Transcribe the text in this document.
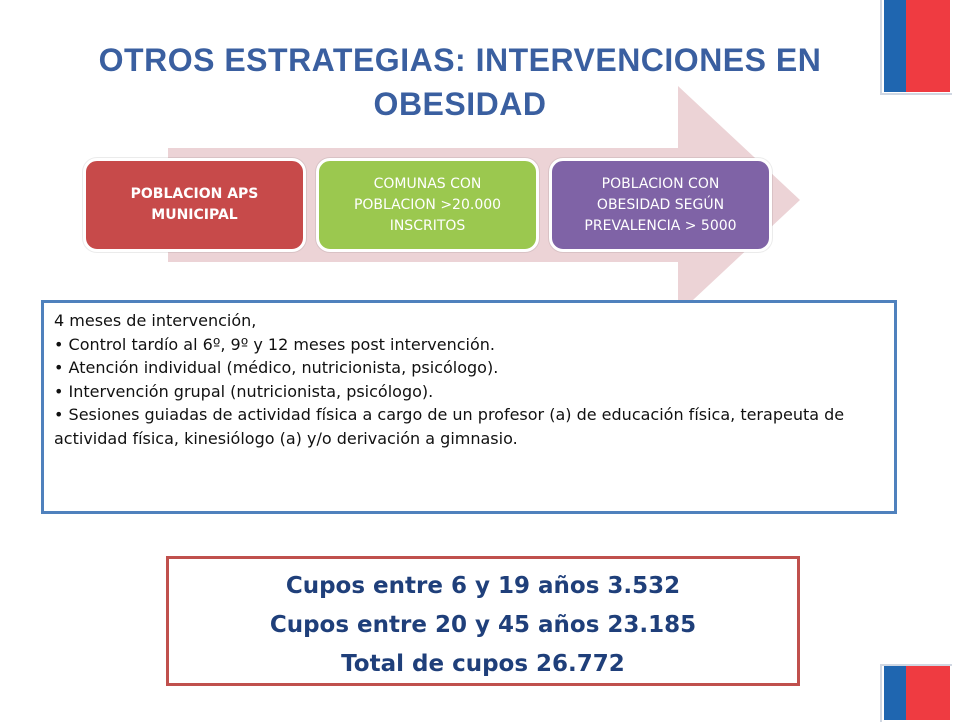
OTROS ESTRATEGIAS: INTERVENCIONES EN
OBESIDAD
POBLACION APS
MUNICIPAL
COMUNAS CON
POBLACION >20.000
INSCRITOS
POBLACION CON
OBESIDAD SEGÚN
PREVALENCIA > 5000

4 meses de intervención,

• Control tardío al 6º, 9º y 12 meses post intervención.

• Atención individual (médico, nutricionista, psicólogo).

• Intervención grupal (nutricionista, psicólogo).

• Sesiones guiadas de actividad física a cargo de un profesor (a) de educación física, terapeuta de actividad física, kinesiólogo (a) y/o derivación a gimnasio.

Cupos entre 6 y 19 años 3.532

Cupos entre 20 y 45 años 23.185

Total de cupos 26.772
